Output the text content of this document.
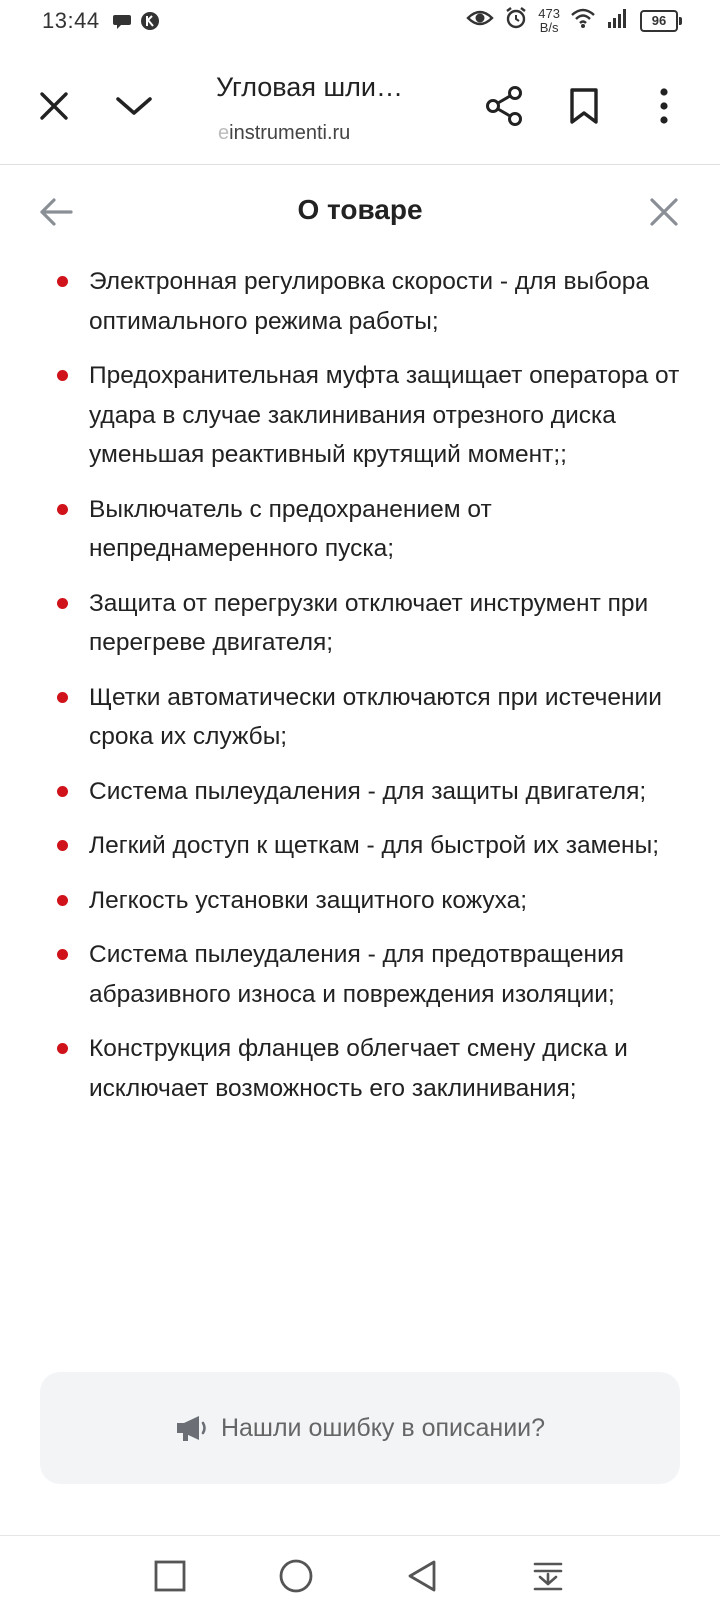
13:44	473
B/s	96
Угловая шли…
einstrumenti.ru
О товаре
Электронная регулировка скорости - для выбора оптимального режима работы;
Предохранительная муфта защищает оператора от удара в случае заклинивания отрезного диска уменьшая реактивный крутящий момент;;
Выключатель с предохранением от непреднамеренного пуска;
Защита от перегрузки отключает инструмент при перегреве двигателя;
Щетки автоматически отключаются при истечении срока их службы;
Система пылеудаления - для защиты двигателя;
Легкий доступ к щеткам - для быстрой их замены;
Легкость установки защитного кожуха;
Система пылеудаления - для предотвращения абразивного износа и повреждения изоляции;
Конструкция фланцев облегчает смену диска и исключает возможность его заклинивания;
Нашли ошибку в описании?
